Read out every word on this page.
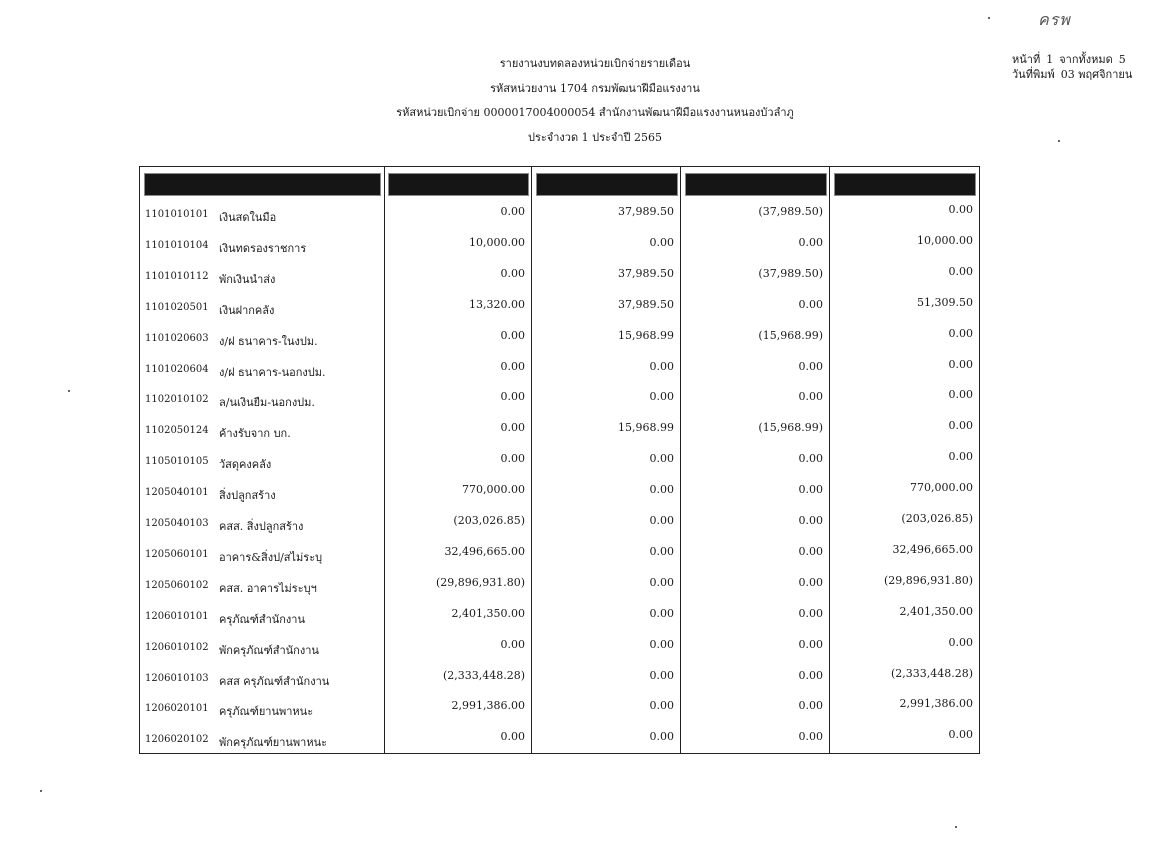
ครพ
รายงานงบทดลองหน่วยเบิกจ่ายรายเดือน
รหัสหน่วยงาน 1704 กรมพัฒนาฝีมือแรงงาน
รหัสหน่วยเบิกจ่าย 0000017004000054 สำนักงานพัฒนาฝีมือแรงงานหนองบัวลำภู
ประจำงวด 1 ประจำปี 2565
หน้าที่ 1 จากทั้งหมด 5
วันที่พิมพ์ 03 พฤศจิกายน
1101010101 เงินสดในมือ	0.00	37,989.50	(37,989.50)	0.00
1101010104 เงินทดรองราชการ	10,000.00	0.00	0.00	10,000.00
1101010112 พักเงินนำส่ง	0.00	37,989.50	(37,989.50)	0.00
1101020501 เงินฝากคลัง	13,320.00	37,989.50	0.00	51,309.50
1101020603 ง/ฝ ธนาคาร-ในงปม.	0.00	15,968.99	(15,968.99)	0.00
1101020604 ง/ฝ ธนาคาร-นอกงปม.	0.00	0.00	0.00	0.00
1102010102 ล/นเงินยืม-นอกงปม.	0.00	0.00	0.00	0.00
1102050124 ค้างรับจาก บก.	0.00	15,968.99	(15,968.99)	0.00
1105010105 วัสดุคงคลัง	0.00	0.00	0.00	0.00
1205040101 สิ่งปลูกสร้าง	770,000.00	0.00	0.00	770,000.00
1205040103 คสส. สิ่งปลูกสร้าง	(203,026.85)	0.00	0.00	(203,026.85)
1205060101 อาคาร&สิ่งป/สไม่ระบุ	32,496,665.00	0.00	0.00	32,496,665.00
1205060102 คสส. อาคารไม่ระบุฯ	(29,896,931.80)	0.00	0.00	(29,896,931.80)
1206010101 ครุภัณฑ์สำนักงาน	2,401,350.00	0.00	0.00	2,401,350.00
1206010102 พักครุภัณฑ์สำนักงาน	0.00	0.00	0.00	0.00
1206010103 คสส ครุภัณฑ์สำนักงาน	(2,333,448.28)	0.00	0.00	(2,333,448.28)
1206020101 ครุภัณฑ์ยานพาหนะ	2,991,386.00	0.00	0.00	2,991,386.00
1206020102 พักครุภัณฑ์ยานพาหนะ	0.00	0.00	0.00	0.00
